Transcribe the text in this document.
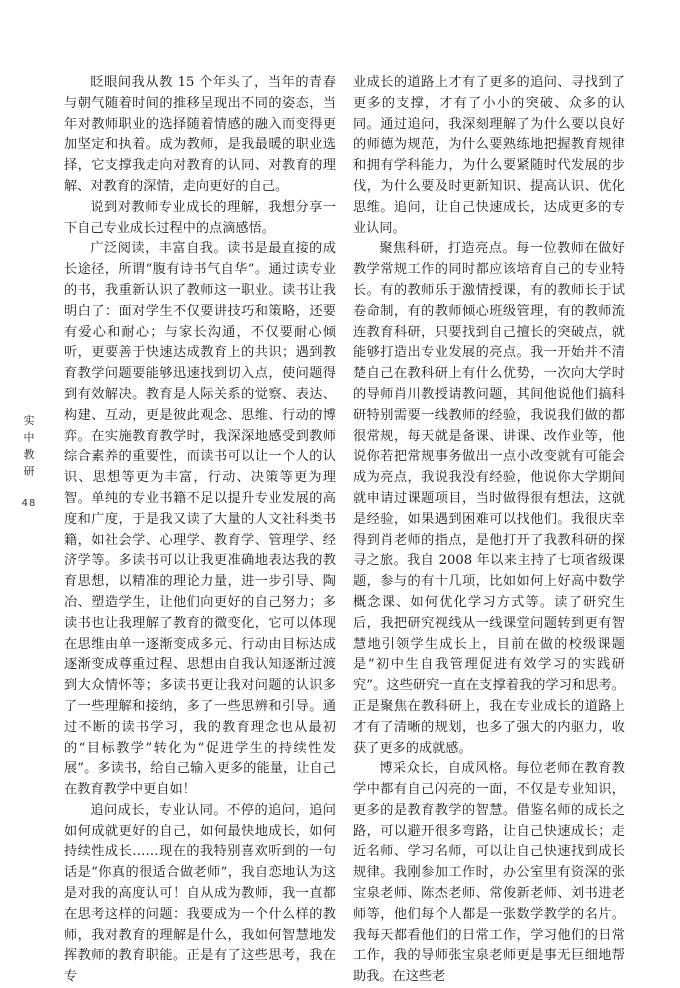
实
中
教
研
48

眨眼间我从教 15 个年头了，当年的青春与朝气随着时间的推移呈现出不同的姿态，当年对教师职业的选择随着情感的融入而变得更加坚定和执着。成为教师，是我最暖的职业选择，它支撑我走向对教育的认同、对教育的理解、对教育的深情，走向更好的自己。

说到对教师专业成长的理解，我想分享一下自己专业成长过程中的点滴感悟。

广泛阅读，丰富自我。读书是最直接的成长途径，所谓“腹有诗书气自华”。通过读专业的书，我重新认识了教师这一职业。读书让我明白了：面对学生不仅要讲技巧和策略，还要有爱心和耐心；与家长沟通，不仅要耐心倾听，更要善于快速达成教育上的共识；遇到教育教学问题要能够迅速找到切入点，使问题得到有效解决。教育是人际关系的觉察、表达、构建、互动，更是彼此观念、思维、行动的博弈。在实施教育教学时，我深深地感受到教师综合素养的重要性，而读书可以让一个人的认识、思想等更为丰富，行动、决策等更为理智。单纯的专业书籍不足以提升专业发展的高度和广度，于是我又读了大量的人文社科类书籍，如社会学、心理学、教育学、管理学、经济学等。多读书可以让我更准确地表达我的教育思想，以精准的理论力量，进一步引导、陶冶、塑造学生，让他们向更好的自己努力；多读书也让我理解了教育的微变化，它可以体现在思维由单一逐渐变成多元、行动由目标达成逐渐变成尊重过程、思想由自我认知逐渐过渡到大众情怀等；多读书更让我对问题的认识多了一些理解和接纳，多了一些思辨和引导。通过不断的读书学习，我的教育理念也从最初的“目标教学”转化为“促进学生的持续性发展”。多读书，给自己输入更多的能量，让自己在教育教学中更自如！

追问成长，专业认同。不停的追问，追问如何成就更好的自己，如何最快地成长，如何持续性成长……现在的我特别喜欢听到的一句话是“你真的很适合做老师”，我自恋地认为这是对我的高度认可！自从成为教师，我一直都在思考这样的问题：我要成为一个什么样的教师，我对教育的理解是什么，我如何智慧地发挥教师的教育职能。正是有了这些思考，我在专

业成长的道路上才有了更多的追问、寻找到了更多的支撑，才有了小小的突破、众多的认同。通过追问，我深刻理解了为什么要以良好的师德为规范，为什么要熟练地把握教育规律和拥有学科能力，为什么要紧随时代发展的步伐，为什么要及时更新知识、提高认识、优化思维。追问，让自己快速成长，达成更多的专业认同。

聚焦科研，打造亮点。每一位教师在做好教学常规工作的同时都应该培育自己的专业特长。有的教师乐于激情授课，有的教师长于试卷命制，有的教师倾心班级管理，有的教师流连教育科研，只要找到自己擅长的突破点，就能够打造出专业发展的亮点。我一开始并不清楚自己在教科研上有什么优势，一次向大学时的导师肖川教授请教问题，其间他说他们搞科研特别需要一线教师的经验，我说我们做的都很常规，每天就是备课、讲课、改作业等，他说你若把常规事务做出一点小改变就有可能会成为亮点，我说我没有经验，他说你大学期间就申请过课题项目，当时做得很有想法，这就是经验，如果遇到困难可以找他们。我很庆幸得到肖老师的指点，是他打开了我教科研的探寻之旅。我自 2008 年以来主持了七项省级课题，参与的有十几项，比如如何上好高中数学概念课、如何优化学习方式等。读了研究生后，我把研究视线从一线课堂问题转到更有智慧地引领学生成长上，目前在做的校级课题是“初中生自我管理促进有效学习的实践研究”。这些研究一直在支撑着我的学习和思考。正是聚焦在教科研上，我在专业成长的道路上才有了清晰的规划，也多了强大的内驱力，收获了更多的成就感。

博采众长，自成风格。每位老师在教育教学中都有自己闪亮的一面，不仅是专业知识，更多的是教育教学的智慧。借鉴名师的成长之路，可以避开很多弯路，让自己快速成长；走近名师、学习名师，可以让自己快速找到成长规律。我刚参加工作时，办公室里有资深的张宝泉老师、陈杰老师、常俊新老师、刘书进老师等，他们每个人都是一张数学教学的名片。我每天都看他们的日常工作，学习他们的日常工作，我的导师张宝泉老师更是事无巨细地帮助我。在这些老
